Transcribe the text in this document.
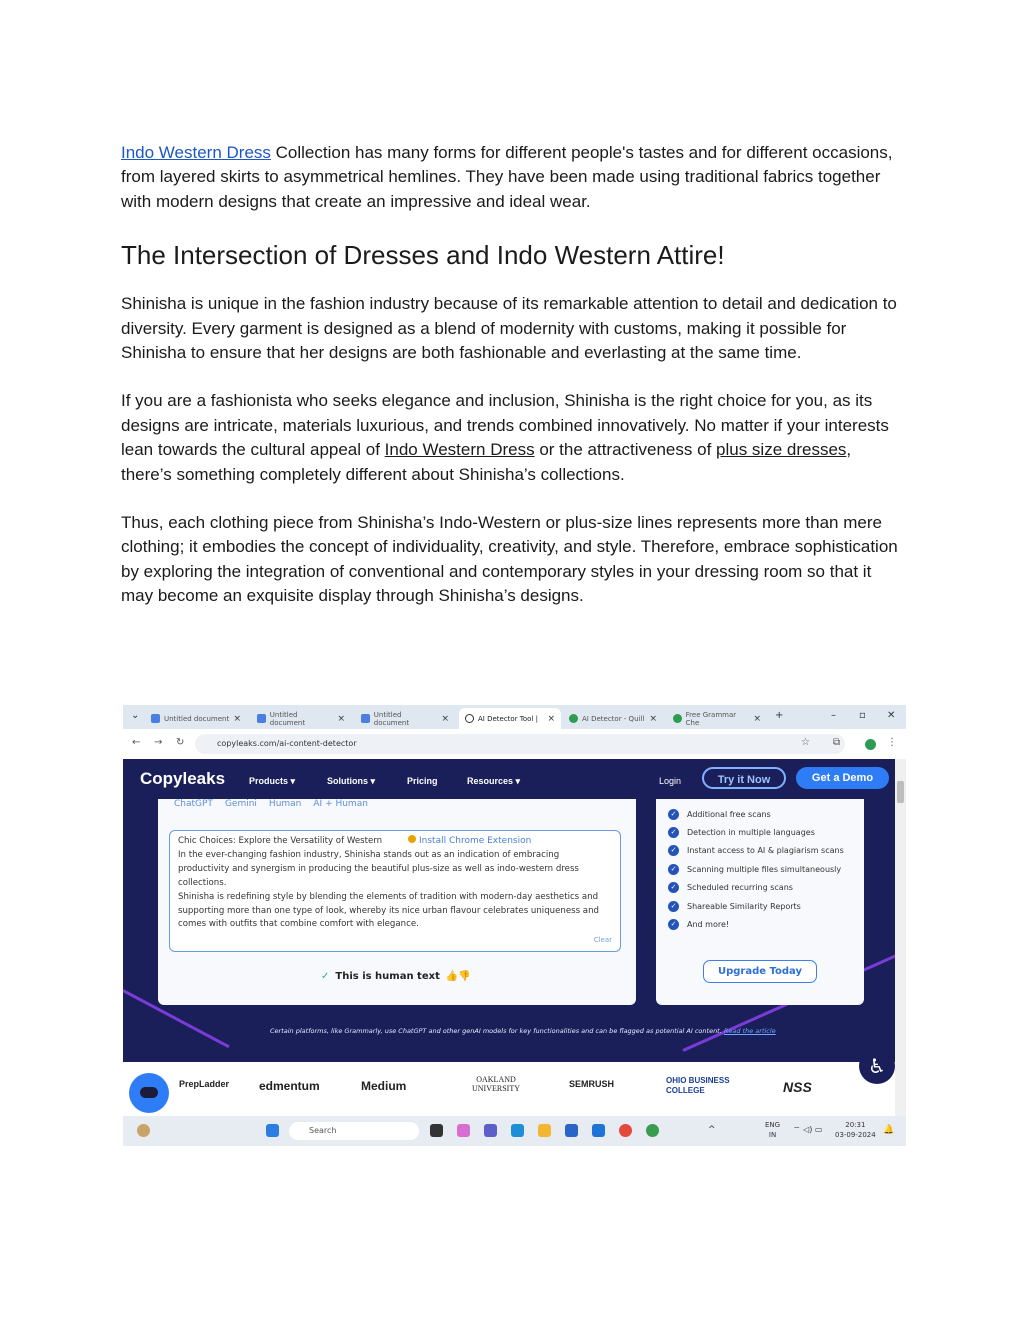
Indo Western Dress Collection has many forms for different people's tastes and for different occasions, from layered skirts to asymmetrical hemlines. They have been made using traditional fabrics together with modern designs that create an impressive and ideal wear.

The Intersection of Dresses and Indo Western Attire!

Shinisha is unique in the fashion industry because of its remarkable attention to detail and dedication to diversity. Every garment is designed as a blend of modernity with customs, making it possible for Shinisha to ensure that her designs are both fashionable and everlasting at the same time.

If you are a fashionista who seeks elegance and inclusion, Shinisha is the right choice for you, as its designs are intricate, materials luxurious, and trends combined innovatively. No matter if your interests lean towards the cultural appeal of Indo Western Dress or the attractiveness of plus size dresses, there’s something completely different about Shinisha’s collections.

Thus, each clothing piece from Shinisha’s Indo-Western or plus-size lines represents more than mere clothing; it embodies the concept of individuality, creativity, and style. Therefore, embrace sophistication by exploring the integration of conventional and contemporary styles in your dressing room so that it may become an exquisite display through Shinisha’s designs.

⌄	Untitled document ×	Untitled document	×	Untitled document	×	AI Detector Tool | ×	AI Detector - Quill ×	Free Grammar Che	× +	– ▫ ✕
← → ↻	copyleaks.com/ai-content-detector	☆ ⧉	⋮
Copyleaks	Products ▾	Solutions ▾	Pricing	Resources ▾	Login	Try it Now	Get a Demo
ChatGPT Gemini Human AI + Human
Chic Choices: Explore the Versatility of Western
In the ever-changing fashion industry, Shinisha stands out as an indication of embracing productivity and synergism in producing the beautiful plus-size as well as indo-western dress collections.
Shinisha is redefining style by blending the elements of tradition with modern-day aesthetics and supporting more than one type of look, whereby its nice urban flavour celebrates uniqueness and comes with outfits that combine comfort with elegance.
Install Chrome Extension
Clear
✓ This is human text 👍👎
✓	Additional free scans
✓	Detection in multiple languages
✓	Instant access to AI & plagiarism scans
✓	Scanning multiple files simultaneously
✓	Scheduled recurring scans
✓	Shareable Similarity Reports
✓	And more!
Upgrade Today
Certain platforms, like Grammarly, use ChatGPT and other genAI models for key functionalities and can be flagged as potential AI content. Read the article
PrepLadder edmentum	Medium	OAKLAND UNIVERSITY	SEMRUSH	OHIO BUSINESS COLLEGE	NSS
♿
Search	^	ENG
IN
⌔ ◁) ▭	20:31
03-09-2024 🔔
